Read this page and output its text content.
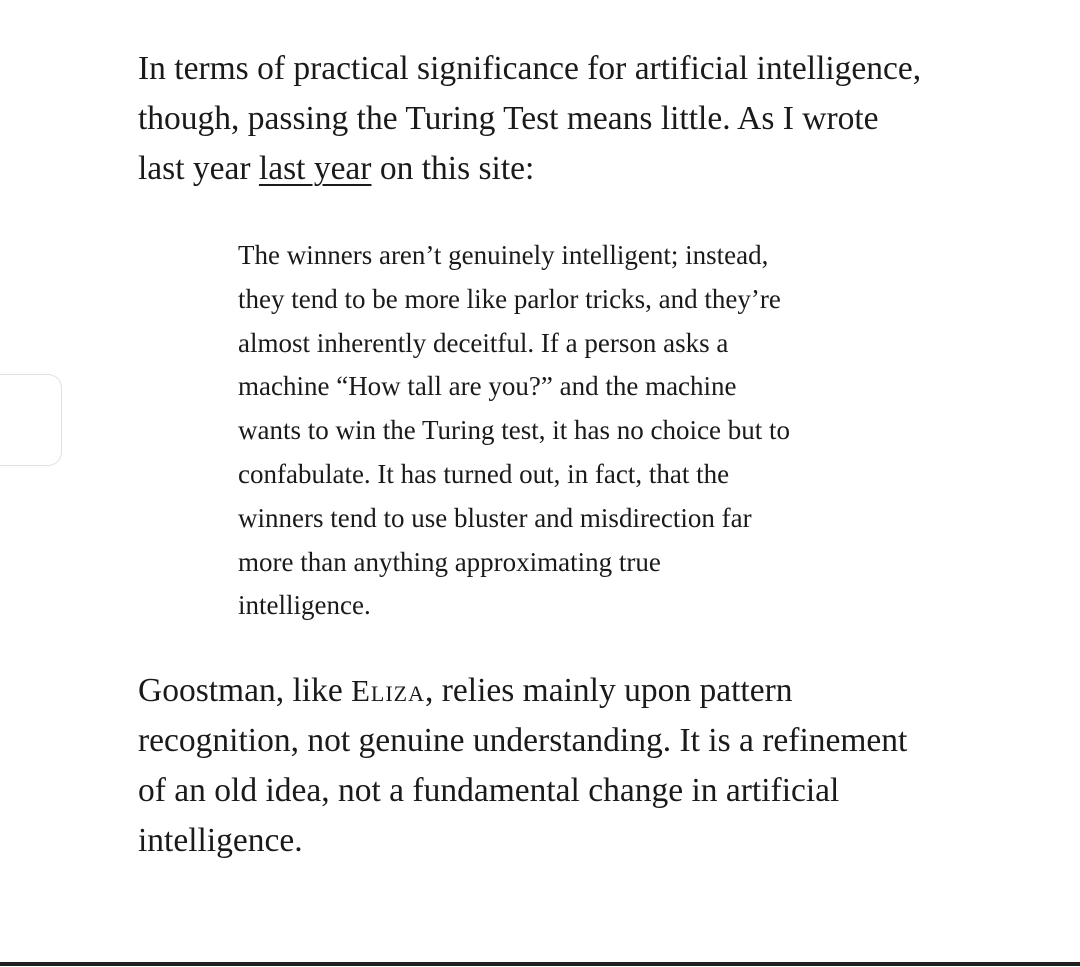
In terms of practical significance for artificial intelligence,
though, passing the Turing Test means little. As I wrote
last year last year on this site:

The winners aren’t genuinely intelligent; instead,
they tend to be more like parlor tricks, and they’re
almost inherently deceitful. If a person asks a
machine “How tall are you?” and the machine
wants to win the Turing test, it has no choice but to
confabulate. It has turned out, in fact, that the
winners tend to use bluster and misdirection far
more than anything approximating true
intelligence.

Goostman, like Eliza, relies mainly upon pattern
recognition, not genuine understanding. It is a refinement
of an old idea, not a fundamental change in artificial
intelligence.
